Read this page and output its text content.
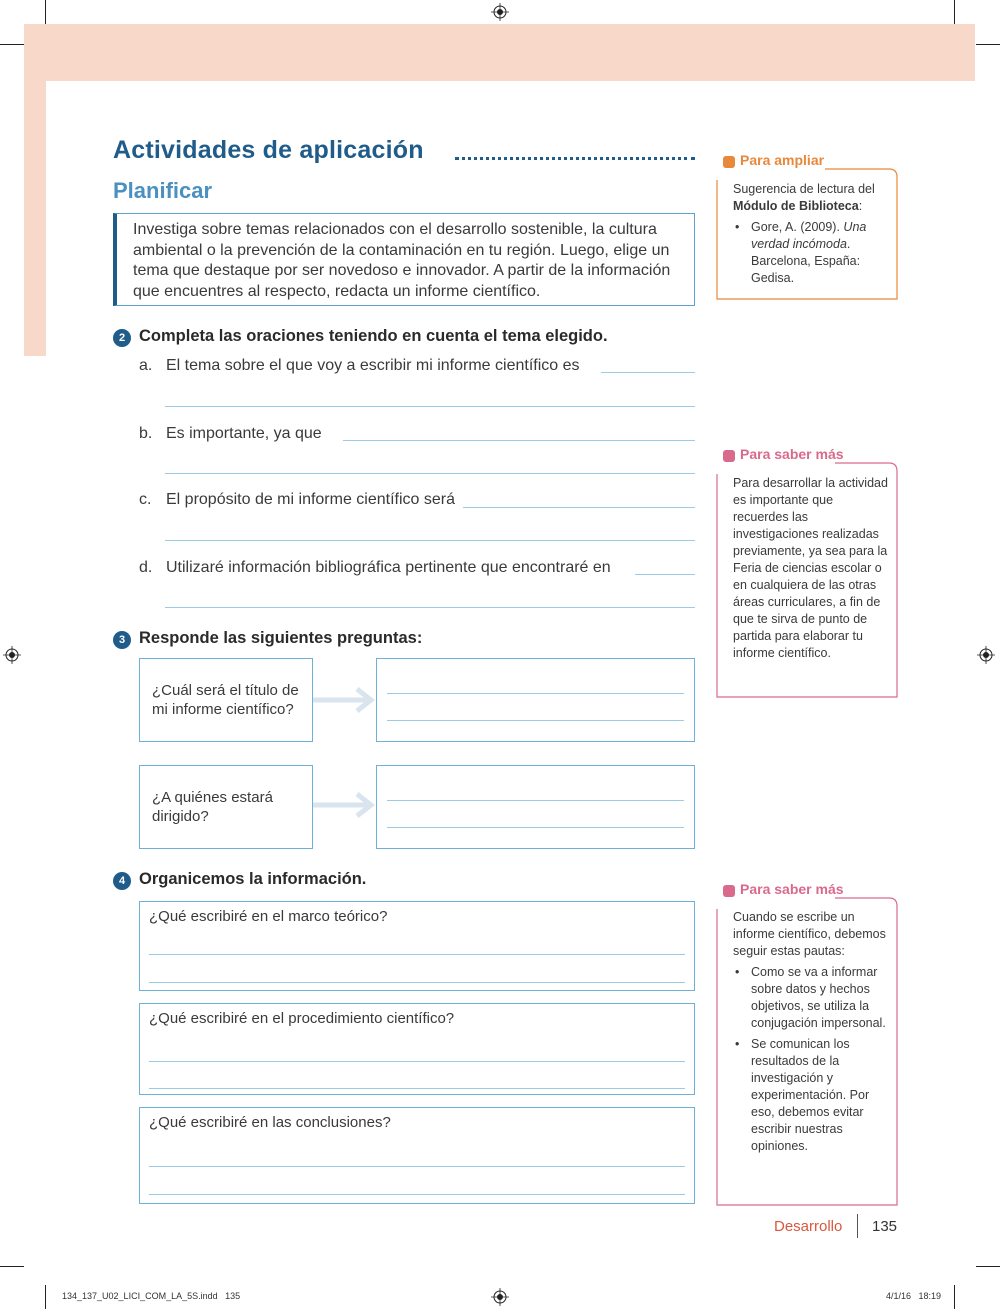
Actividades de aplicación
Planificar
Investiga sobre temas relacionados con el desarrollo sostenible, la cultura ambiental o la prevención de la contaminación en tu región. Luego, elige un tema que destaque por ser novedoso e innovador. A partir de la información que encuentres al respecto, redacta un informe científico.
2 Completa las oraciones teniendo en cuenta el tema elegido.
a. El tema sobre el que voy a escribir mi informe científico es
b. Es importante, ya que
c. El propósito de mi informe científico será
d. Utilizaré información bibliográfica pertinente que encontraré en
3 Responde las siguientes preguntas:
¿Cuál será el título de mi informe científico?
¿A quiénes estará dirigido?
4 Organicemos la información.
¿Qué escribiré en el marco teórico?
¿Qué escribiré en el procedimiento científico?
¿Qué escribiré en las conclusiones?
Para ampliar
Sugerencia de lectura del Módulo de Biblioteca:
• Gore, A. (2009). Una verdad incómoda. Barcelona, España: Gedisa.
Para saber más
Para desarrollar la actividad es importante que recuerdes las investigaciones realizadas previamente, ya sea para la Feria de ciencias escolar o en cualquiera de las otras áreas curriculares, a fin de que te sirva de punto de partida para elaborar tu informe científico.
Para saber más
Cuando se escribe un informe científico, debemos seguir estas pautas:
• Como se va a informar sobre datos y hechos objetivos, se utiliza la conjugación impersonal.
• Se comunican los resultados de la investigación y experimentación. Por eso, debemos evitar escribir nuestras opiniones.
Desarrollo 135
134_137_U02_LICI_COM_LA_5S.indd   135	4/1/16   18:19
